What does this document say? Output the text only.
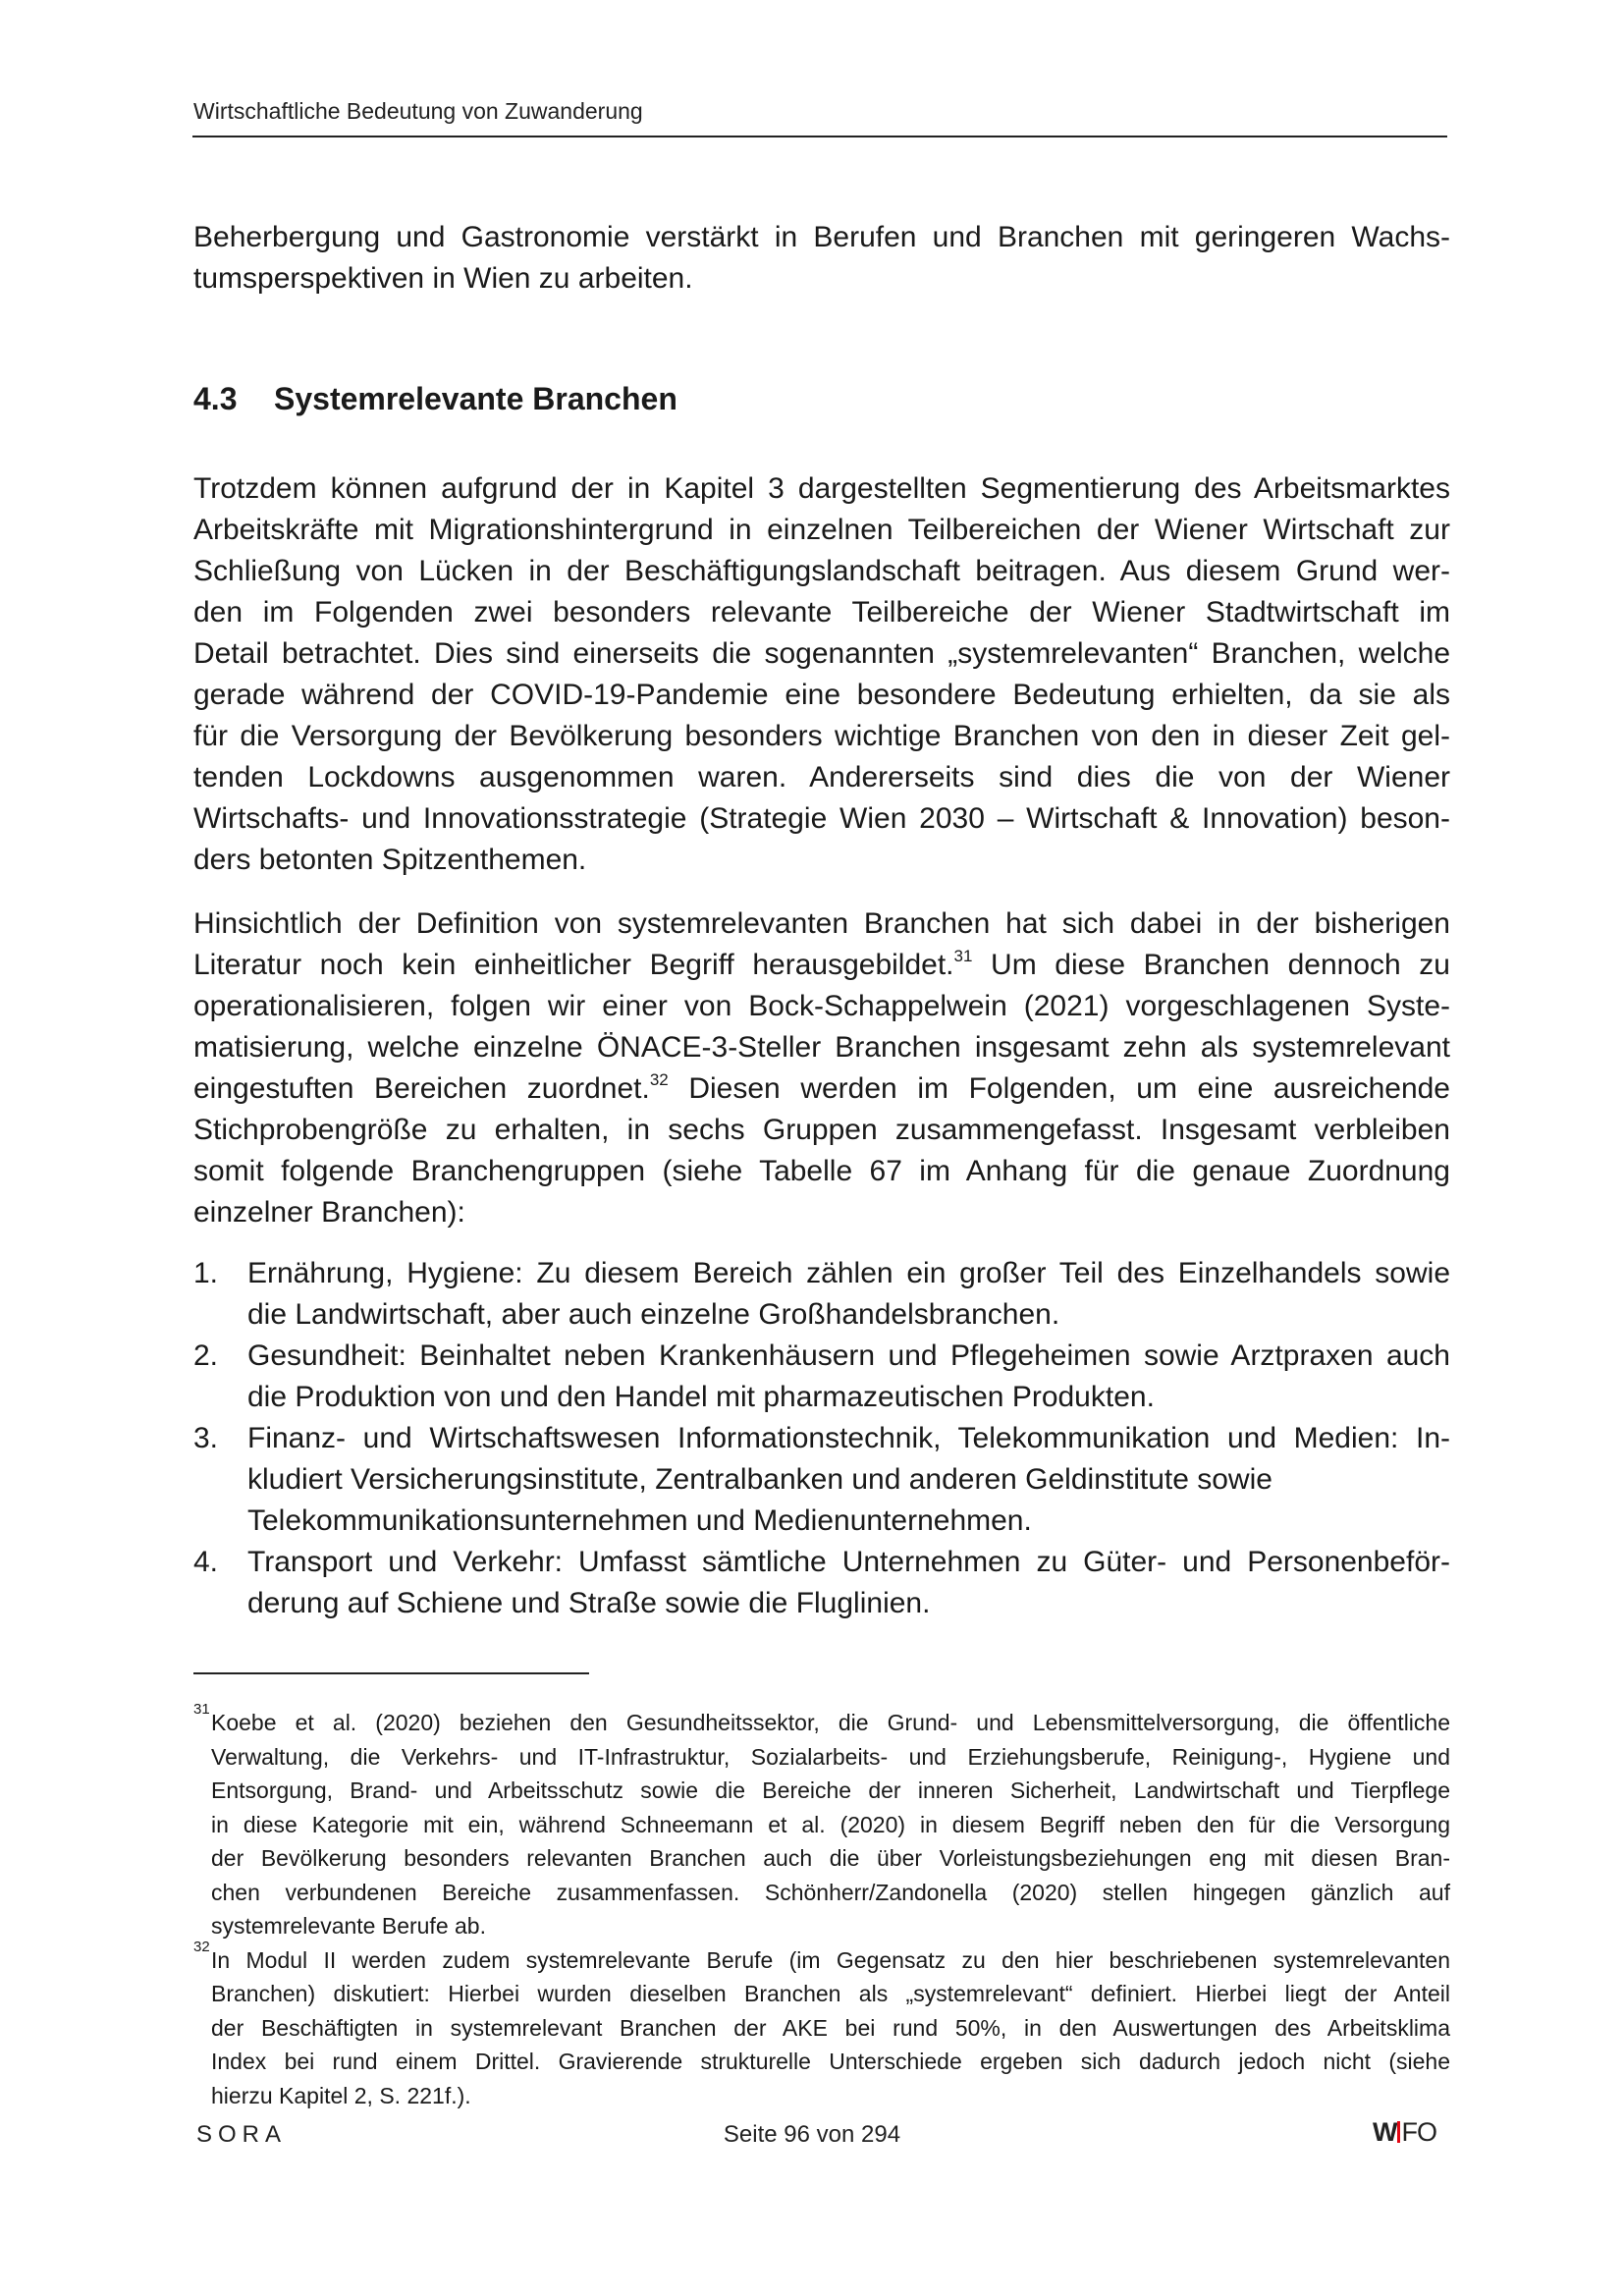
Wirtschaftliche Bedeutung von Zuwanderung
Beherbergung und Gastronomie verstärkt in Berufen und Branchen mit geringeren Wachs-
tumsperspektiven in Wien zu arbeiten.
4.3 Systemrelevante Branchen
Trotzdem können aufgrund der in Kapitel 3 dargestellten Segmentierung des Arbeitsmarktes
Arbeitskräfte mit Migrationshintergrund in einzelnen Teilbereichen der Wiener Wirtschaft zur
Schließung von Lücken in der Beschäftigungslandschaft beitragen. Aus diesem Grund wer-
den im Folgenden zwei besonders relevante Teilbereiche der Wiener Stadtwirtschaft im
Detail betrachtet. Dies sind einerseits die sogenannten „systemrelevanten“ Branchen, welche
gerade während der COVID-19-Pandemie eine besondere Bedeutung erhielten, da sie als
für die Versorgung der Bevölkerung besonders wichtige Branchen von den in dieser Zeit gel-
tenden Lockdowns ausgenommen waren. Andererseits sind dies die von der Wiener
Wirtschafts- und Innovationsstrategie (Strategie Wien 2030 – Wirtschaft & Innovation) beson-
ders betonten Spitzenthemen.
Hinsichtlich der Definition von systemrelevanten Branchen hat sich dabei in der bisherigen
Literatur noch kein einheitlicher Begriff herausgebildet.$^{31}$ Um diese Branchen dennoch zu
operationalisieren, folgen wir einer von Bock-Schappelwein (2021) vorgeschlagenen Syste-
matisierung, welche einzelne ÖNACE-3-Steller Branchen insgesamt zehn als systemrelevant
eingestuften Bereichen zuordnet.$^{32}$ Diesen werden im Folgenden, um eine ausreichende
Stichprobengröße zu erhalten, in sechs Gruppen zusammengefasst. Insgesamt verbleiben
somit folgende Branchengruppen (siehe Tabelle 67 im Anhang für die genaue Zuordnung
einzelner Branchen):
1. Ernährung, Hygiene: Zu diesem Bereich zählen ein großer Teil des Einzelhandels sowie
die Landwirtschaft, aber auch einzelne Großhandelsbranchen.
2. Gesundheit: Beinhaltet neben Krankenhäusern und Pflegeheimen sowie Arztpraxen auch
die Produktion von und den Handel mit pharmazeutischen Produkten.
3. Finanz- und Wirtschaftswesen Informationstechnik, Telekommunikation und Medien: In-
kludiert Versicherungsinstitute, Zentralbanken und anderen Geldinstitute sowie
Telekommunikationsunternehmen und Medienunternehmen.
4. Transport und Verkehr: Umfasst sämtliche Unternehmen zu Güter- und Personenbeför-
derung auf Schiene und Straße sowie die Fluglinien.
31
Koebe et al. (2020) beziehen den Gesundheitssektor, die Grund- und Lebensmittelversorgung, die öffentliche
Verwaltung, die Verkehrs- und IT-Infrastruktur, Sozialarbeits- und Erziehungsberufe, Reinigung-, Hygiene und
Entsorgung, Brand- und Arbeitsschutz sowie die Bereiche der inneren Sicherheit, Landwirtschaft und Tierpflege
in diese Kategorie mit ein, während Schneemann et al. (2020) in diesem Begriff neben den für die Versorgung
der Bevölkerung besonders relevanten Branchen auch die über Vorleistungsbeziehungen eng mit diesen Bran-
chen verbundenen Bereiche zusammenfassen. Schönherr/Zandonella (2020) stellen hingegen gänzlich auf
systemrelevante Berufe ab.
32
In Modul II werden zudem systemrelevante Berufe (im Gegensatz zu den hier beschriebenen systemrelevanten
Branchen) diskutiert: Hierbei wurden dieselben Branchen als „systemrelevant“ definiert. Hierbei liegt der Anteil
der Beschäftigten in systemrelevant Branchen der AKE bei rund 50%, in den Auswertungen des Arbeitsklima
Index bei rund einem Drittel. Gravierende strukturelle Unterschiede ergeben sich dadurch jedoch nicht (siehe
hierzu Kapitel 2, S. 221f.).
SORA	Seite 96 von 294	W FO
